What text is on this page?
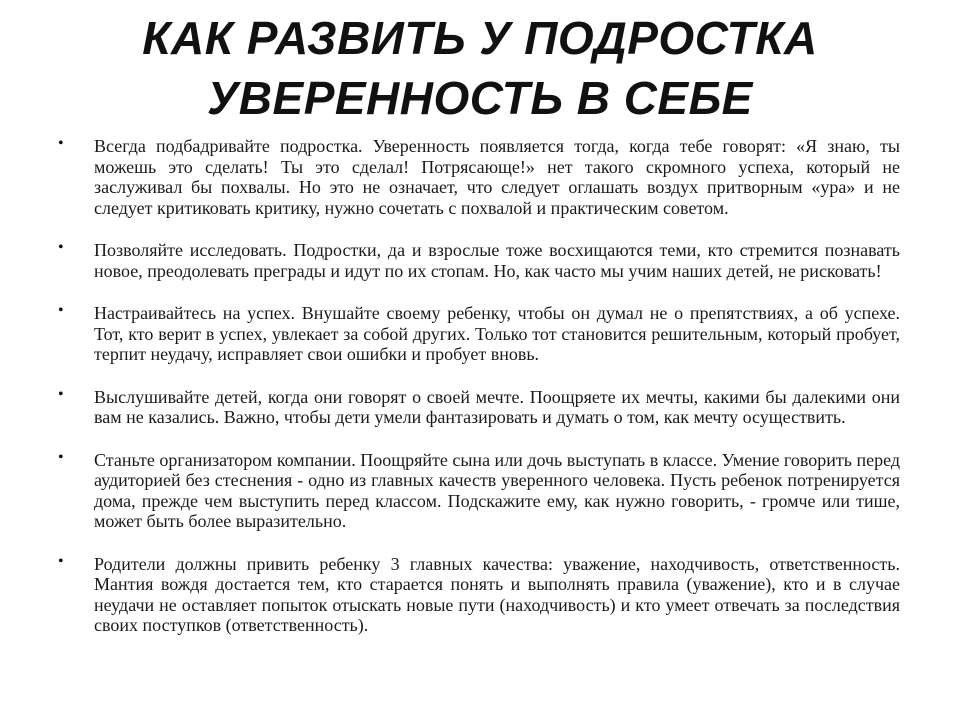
КАК РАЗВИТЬ У ПОДРОСТКА
УВЕРЕННОСТЬ В СЕБЕ
• Всегда подбадривайте подростка. Уверенность появляется тогда, когда тебе говорят: «Я знаю, ты можешь это сделать! Ты это сделал! Потрясающе!» нет такого скромного успеха, который не заслуживал бы похвалы. Но это не означает, что следует оглашать воздух притворным «ура» и не следует критиковать критику, нужно сочетать с похвалой и практическим советом.
• Позволяйте исследовать. Подростки, да и взрослые тоже восхищаются теми, кто стремится познавать новое, преодолевать преграды и идут по их стопам. Но, как часто мы учим наших детей, не рисковать!
• Настраивайтесь на успех. Внушайте своему ребенку, чтобы он думал не о препятствиях, а об успехе. Тот, кто верит в успех, увлекает за собой других. Только тот становится решительным, который пробует, терпит неудачу, исправляет свои ошибки и пробует вновь.
• Выслушивайте детей, когда они говорят о своей мечте. Поощряете их мечты, какими бы далекими они вам не казались. Важно, чтобы дети умели фантазировать и думать о том, как мечту осуществить.
• Станьте организатором компании. Поощряйте сына или дочь выступать в классе. Умение говорить перед аудиторией без стеснения - одно из главных качеств уверенного человека. Пусть ребенок потренируется дома, прежде чем выступить перед классом. Подскажите ему, как нужно говорить, - громче или тише, может быть более выразительно.
• Родители должны привить ребенку 3 главных качества: уважение, находчивость, ответственность. Мантия вождя достается тем, кто старается понять и выполнять правила (уважение), кто и в случае неудачи не оставляет попыток отыскать новые пути (находчивость) и кто умеет отвечать за последствия своих поступков (ответственность).
